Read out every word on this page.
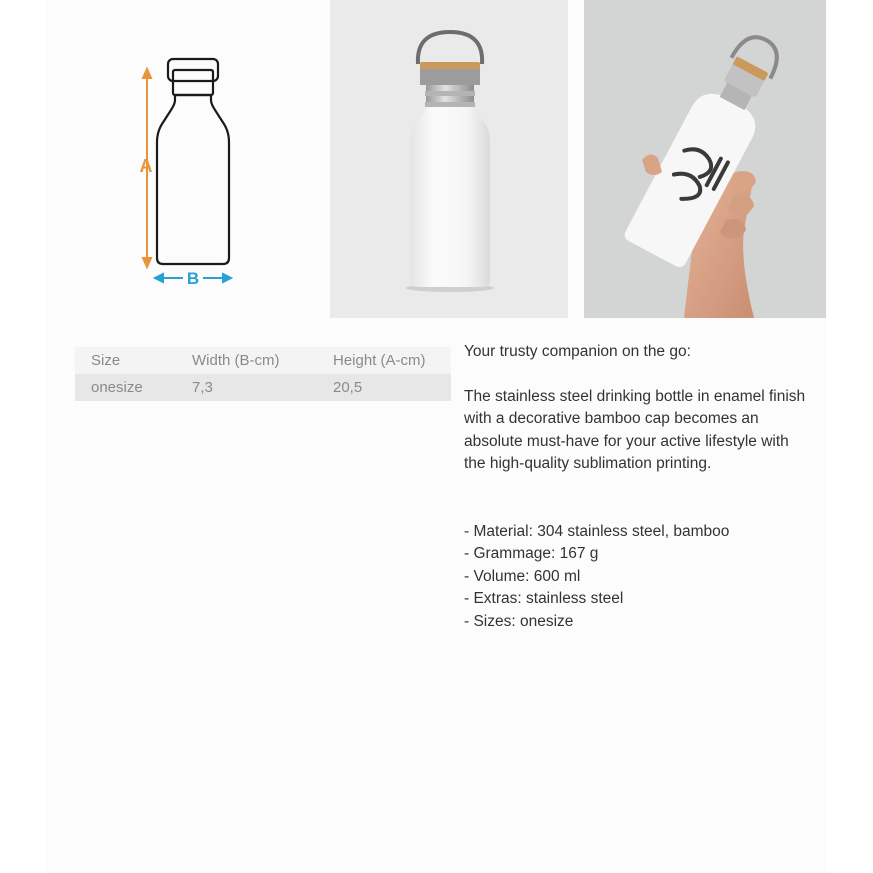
A
B
Size	Width (B-cm)	Height (A-cm)
onesize	7,3	20,5

Your trusty companion on the go:

The stainless steel drinking bottle in enamel finish with a decorative bamboo cap becomes an absolute must-have for your active lifestyle with the high-quality sublimation printing.

- Material: 304 stainless steel, bamboo
- Grammage: 167 g
- Volume: 600 ml
- Extras: stainless steel
- Sizes: onesize
